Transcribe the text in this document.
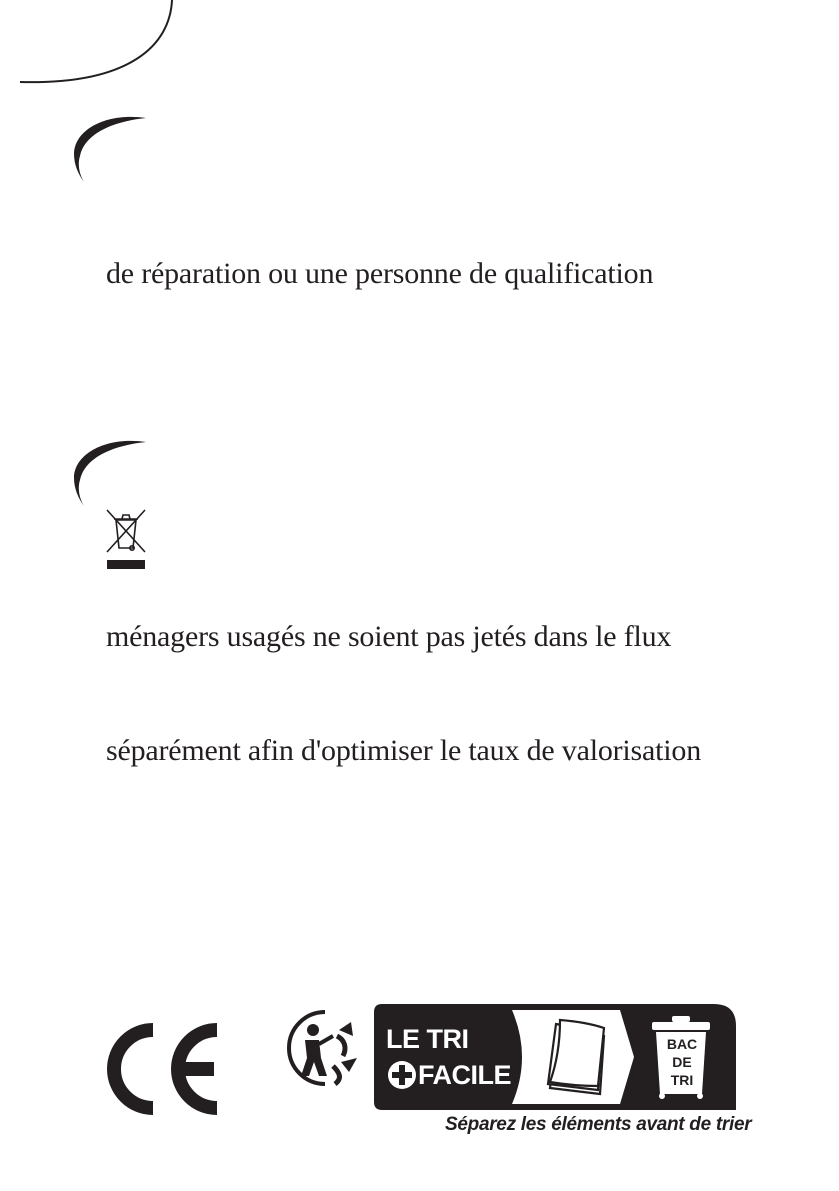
de réparation ou une personne de qualification
ménagers usagés ne soient pas jetés dans le flux
séparément afin d'optimiser le taux de valorisation
LE TRI
FACILE
BAC
DE
TRI
Séparez les éléments avant de trier
